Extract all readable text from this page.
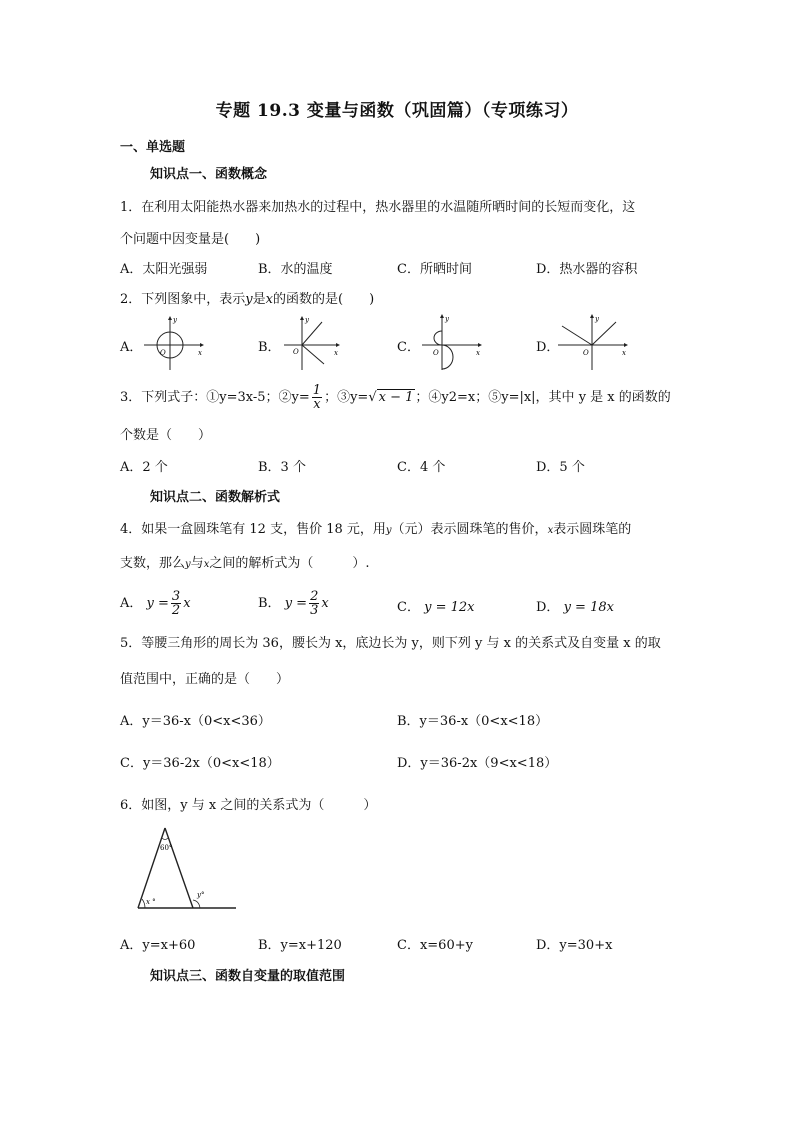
专题 19.3 变量与函数（巩固篇）（专项练习）
一、单选题
知识点一、函数概念
1．在利用太阳能热水器来加热水的过程中，热水器里的水温随所晒时间的长短而变化，这
个问题中因变量是(　　)
A．太阳光强弱	B．水的温度	C．所晒时间	D．热水器的容积
2．下列图象中，表示y是x的函数的是(　　)
A．	B．	C．	D．
y
x
O
y
x
O
y
x
O
y
x
O
3．下列式子：①y=3x-5；②y= $\frac{1}{x}$ ；③y=√ x − 1 ；④y2=x；⑤y=|x|，其中 y 是 x 的函数的
个数是（　　）
A．2 个	B．3 个	C．4 个	D．5 个
知识点二、函数解析式
4．如果一盒圆珠笔有 12 支，售价 18 元，用y（元）表示圆珠笔的售价，x表示圆珠笔的
支数，那么y与x之间的解析式为（　　　）.
A． $y = \frac{3}{2}$ x	B． $y = \frac{2}{3}$ x	C． y = 12x	D． y = 18x
5．等腰三角形的周长为 36，腰长为 x，底边长为 y，则下列 y 与 x 的关系式及自变量 x 的取
值范围中，正确的是（　　）
A．y＝36-x（0<x<36）	B．y＝36-x（0<x<18）
C．y＝36-2x（0<x<18）	D．y＝36-2x（9<x<18）
6．如图，y 与 x 之间的关系式为（　　　）
60°
x °
y°
A．y=x+60	B．y=x+120	C．x=60+y	D．y=30+x
知识点三、函数自变量的取值范围
